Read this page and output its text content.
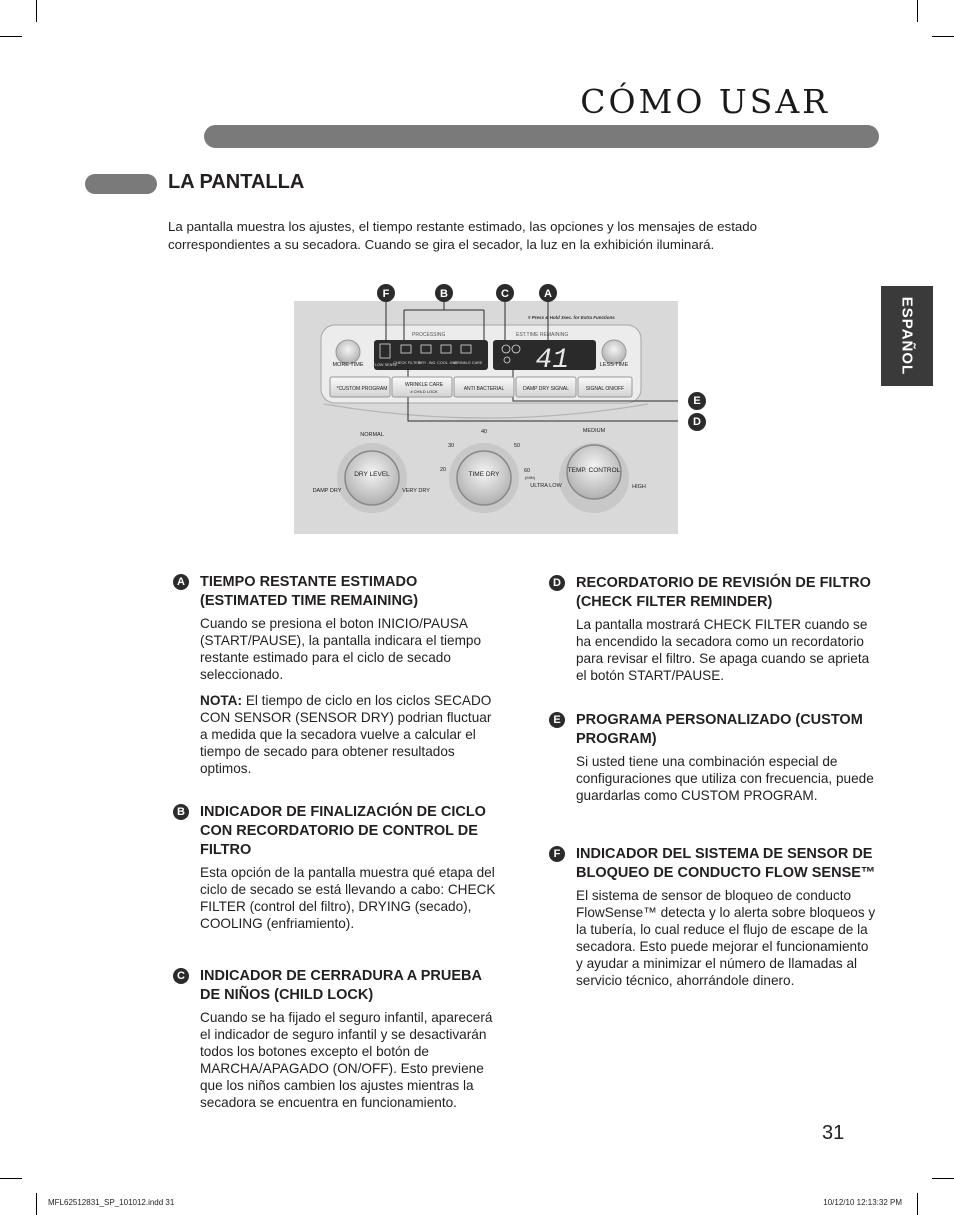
CÓMO USAR
LA PANTALLA
La pantalla muestra los ajustes, el tiempo restante estimado, las opciones y los mensajes de estado correspondientes a su secadora. Cuando se gira el secador, la luz en la exhibición iluminará.
ESPAÑOL
F	B	C	A
# Press & Hold 3sec. for Extra Functions
PROCESSING	EST.TIME REMAINING
FLOW SENSE
CHECK FILTER
DRY -ING COOL -ING
WRINKLE CARE 41
MORE TIME	LESS TIME
*CUSTOM PROGRAM
WRINKLE CARE
# CHILD LOCK	ANTI BACTERIAL	DAMP DRY SIGNAL	SIGNAL ON/OFF
DRY LEVEL	TIME DRY
TEMP. CONTROL
NORMAL
DAMP DRY	VERY DRY
20
30
40
50
60
(MIN)
MEDIUM
ULTRA LOW	HIGH
E
D
A TIEMPO RESTANTE ESTIMADO (ESTIMATED TIME REMAINING)
Cuando se presiona el boton INICIO/PAUSA (START/PAUSE), la pantalla indicara el tiempo restante estimado para el ciclo de secado seleccionado.
NOTA: El tiempo de ciclo en los ciclos SECADO CON SENSOR (SENSOR DRY) podrian fluctuar a medida que la secadora vuelve a calcular el tiempo de secado para obtener resultados optimos.
B INDICADOR DE FINALIZACIÓN DE CICLO CON RECORDATORIO DE CONTROL DE FILTRO
Esta opción de la pantalla muestra qué etapa del ciclo de secado se está llevando a cabo: CHECK FILTER (control del filtro), DRYING (secado), COOLING (enfriamiento).
C INDICADOR DE CERRADURA A PRUEBA DE NIÑOS (CHILD LOCK)
Cuando se ha fijado el seguro infantil, aparecerá el indicador de seguro infantil y se desactivarán todos los botones excepto el botón de MARCHA/APAGADO (ON/OFF). Esto previene que los niños cambien los ajustes mientras la secadora se encuentra en funcionamiento.
D RECORDATORIO DE REVISIÓN DE FILTRO (CHECK FILTER REMINDER)
La pantalla mostrará CHECK FILTER cuando se ha encendido la secadora como un recordatorio para revisar el filtro. Se apaga cuando se aprieta el botón START/PAUSE.
E PROGRAMA PERSONALIZADO (CUSTOM PROGRAM)
Si usted tiene una combinación especial de configuraciones que utiliza con frecuencia, puede guardarlas como CUSTOM PROGRAM.
F	INDICADOR DEL SISTEMA DE SENSOR DE BLOQUEO DE CONDUCTO FLOW SENSE™
El sistema de sensor de bloqueo de conducto FlowSense™ detecta y lo alerta sobre bloqueos y la tubería, lo cual reduce el flujo de escape de la secadora. Esto puede mejorar el funcionamiento y ayudar a minimizar el número de llamadas al servicio técnico, ahorrándole dinero.
31
MFL62512831_SP_101012.indd 31	10/12/10 12:13:32 PM
